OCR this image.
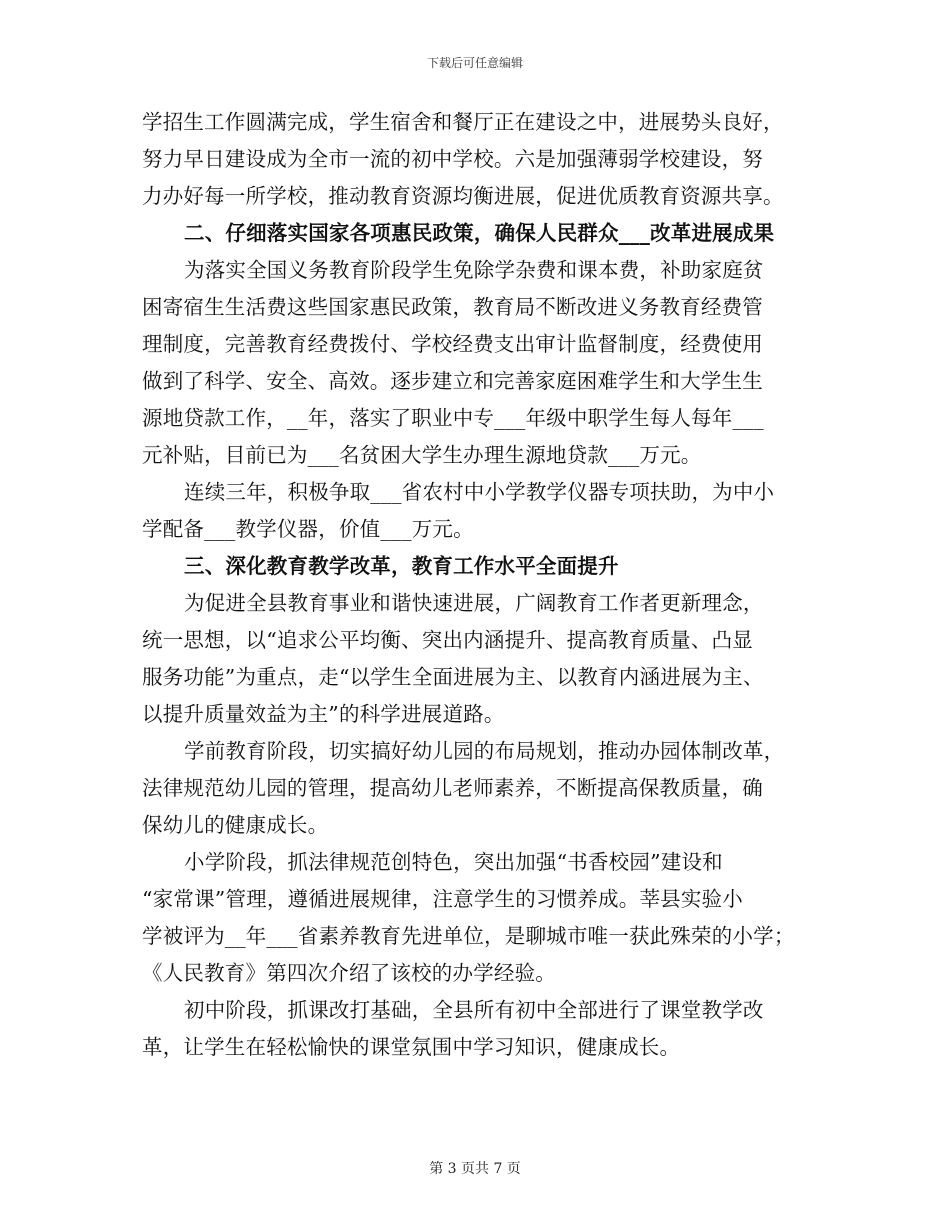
下载后可任意编辑
学招生工作圆满完成，学生宿舍和餐厅正在建设之中，进展势头良好，
努力早日建设成为全市一流的初中学校。六是加强薄弱学校建设，努
力办好每一所学校，推动教育资源均衡进展，促进优质教育资源共享。
二、仔细落实国家各项惠民政策，确保人民群众___改革进展成果
为落实全国义务教育阶段学生免除学杂费和课本费，补助家庭贫
困寄宿生生活费这些国家惠民政策，教育局不断改进义务教育经费管
理制度，完善教育经费拨付、学校经费支出审计监督制度，经费使用
做到了科学、安全、高效。逐步建立和完善家庭困难学生和大学生生
源地贷款工作，__年，落实了职业中专___年级中职学生每人每年___
元补贴，目前已为___名贫困大学生办理生源地贷款___万元。
连续三年，积极争取___省农村中小学教学仪器专项扶助，为中小
学配备___教学仪器，价值___万元。
三、深化教育教学改革，教育工作水平全面提升
为促进全县教育事业和谐快速进展，广阔教育工作者更新理念，
统一思想，以“追求公平均衡、突出内涵提升、提高教育质量、凸显
服务功能”为重点，走“以学生全面进展为主、以教育内涵进展为主、
以提升质量效益为主”的科学进展道路。
学前教育阶段，切实搞好幼儿园的布局规划，推动办园体制改革，
法律规范幼儿园的管理，提高幼儿老师素养，不断提高保教质量，确
保幼儿的健康成长。
小学阶段，抓法律规范创特色，突出加强“书香校园”建设和
“家常课”管理，遵循进展规律，注意学生的习惯养成。莘县实验小
学被评为__年___省素养教育先进单位，是聊城市唯一获此殊荣的小学；
《人民教育》第四次介绍了该校的办学经验。
初中阶段，抓课改打基础，全县所有初中全部进行了课堂教学改
革，让学生在轻松愉快的课堂氛围中学习知识，健康成长。
第 3 页共 7 页
